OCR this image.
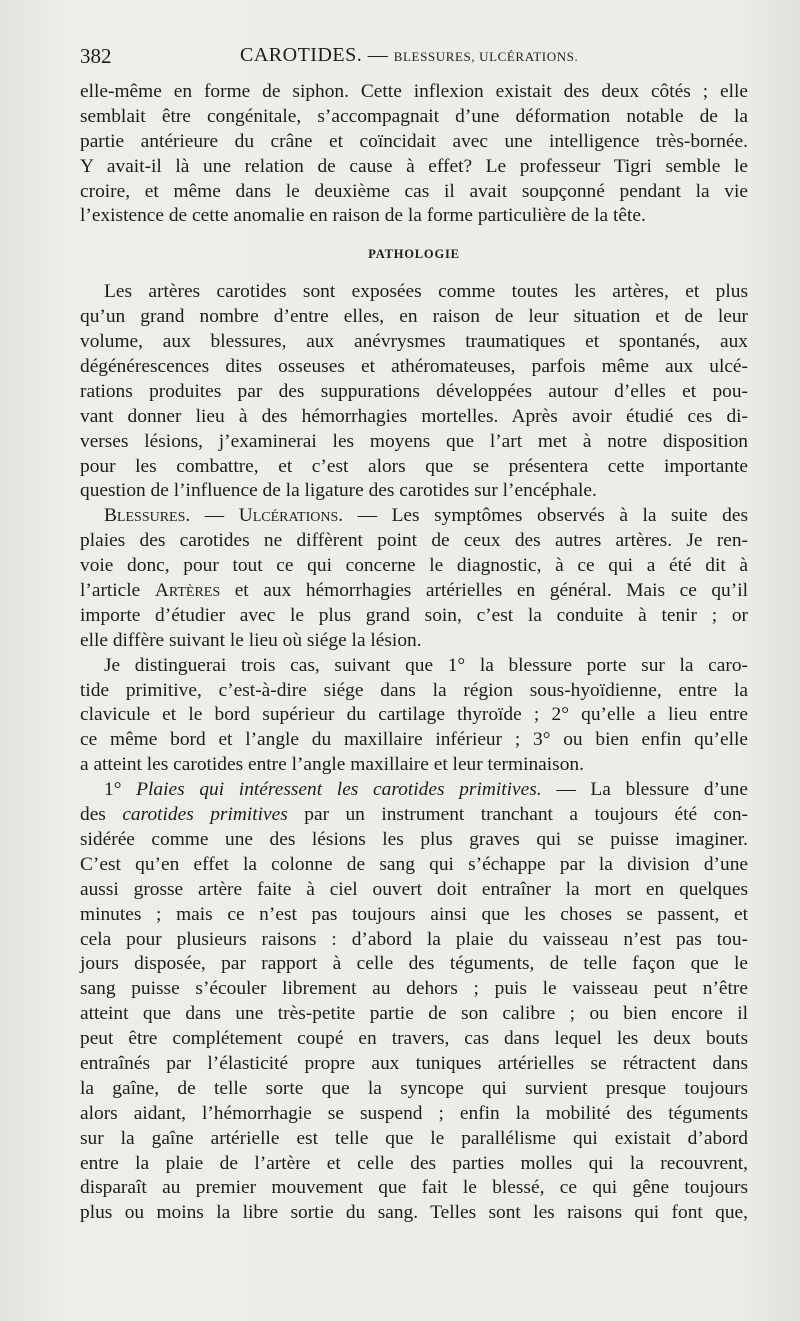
382	CAROTIDES. — BLESSURES, ULCÉRATIONS.
elle-même en forme de siphon. Cette inflexion existait des deux côtés ; elle
semblait être congénitale, s’accompagnait d’une déformation notable de la
partie antérieure du crâne et coïncidait avec une intelligence très-bornée.
Y avait-il là une relation de cause à effet? Le professeur Tigri semble le
croire, et même dans le deuxième cas il avait soupçonné pendant la vie
l’existence de cette anomalie en raison de la forme particulière de la tête.
PATHOLOGIE
Les artères carotides sont exposées comme toutes les artères, et plus
qu’un grand nombre d’entre elles, en raison de leur situation et de leur
volume, aux blessures, aux anévrysmes traumatiques et spontanés, aux
dégénérescences dites osseuses et athéromateuses, parfois même aux ulcé-
rations produites par des suppurations développées autour d’elles et pou-
vant donner lieu à des hémorrhagies mortelles. Après avoir étudié ces di-
verses lésions, j’examinerai les moyens que l’art met à notre disposition
pour les combattre, et c’est alors que se présentera cette importante
question de l’influence de la ligature des carotides sur l’encéphale.
Blessures. — Ulcérations. — Les symptômes observés à la suite des
plaies des carotides ne diffèrent point de ceux des autres artères. Je ren-
voie donc, pour tout ce qui concerne le diagnostic, à ce qui a été dit à
l’article Artères et aux hémorrhagies artérielles en général. Mais ce qu’il
importe d’étudier avec le plus grand soin, c’est la conduite à tenir ; or
elle diffère suivant le lieu où siége la lésion.
Je distinguerai trois cas, suivant que 1° la blessure porte sur la caro-
tide primitive, c’est-à-dire siége dans la région sous-hyoïdienne, entre la
clavicule et le bord supérieur du cartilage thyroïde ; 2° qu’elle a lieu entre
ce même bord et l’angle du maxillaire inférieur ; 3° ou bien enfin qu’elle
a atteint les carotides entre l’angle maxillaire et leur terminaison.
1° Plaies qui intéressent les carotides primitives. — La blessure d’une
des carotides primitives par un instrument tranchant a toujours été con-
sidérée comme une des lésions les plus graves qui se puisse imaginer.
C’est qu’en effet la colonne de sang qui s’échappe par la division d’une
aussi grosse artère faite à ciel ouvert doit entraîner la mort en quelques
minutes ; mais ce n’est pas toujours ainsi que les choses se passent, et
cela pour plusieurs raisons : d’abord la plaie du vaisseau n’est pas tou-
jours disposée, par rapport à celle des téguments, de telle façon que le
sang puisse s’écouler librement au dehors ; puis le vaisseau peut n’être
atteint que dans une très-petite partie de son calibre ; ou bien encore il
peut être complétement coupé en travers, cas dans lequel les deux bouts
entraînés par l’élasticité propre aux tuniques artérielles se rétractent dans
la gaîne, de telle sorte que la syncope qui survient presque toujours
alors aidant, l’hémorrhagie se suspend ; enfin la mobilité des téguments
sur la gaîne artérielle est telle que le parallélisme qui existait d’abord
entre la plaie de l’artère et celle des parties molles qui la recouvrent,
disparaît au premier mouvement que fait le blessé, ce qui gêne toujours
plus ou moins la libre sortie du sang. Telles sont les raisons qui font que,
